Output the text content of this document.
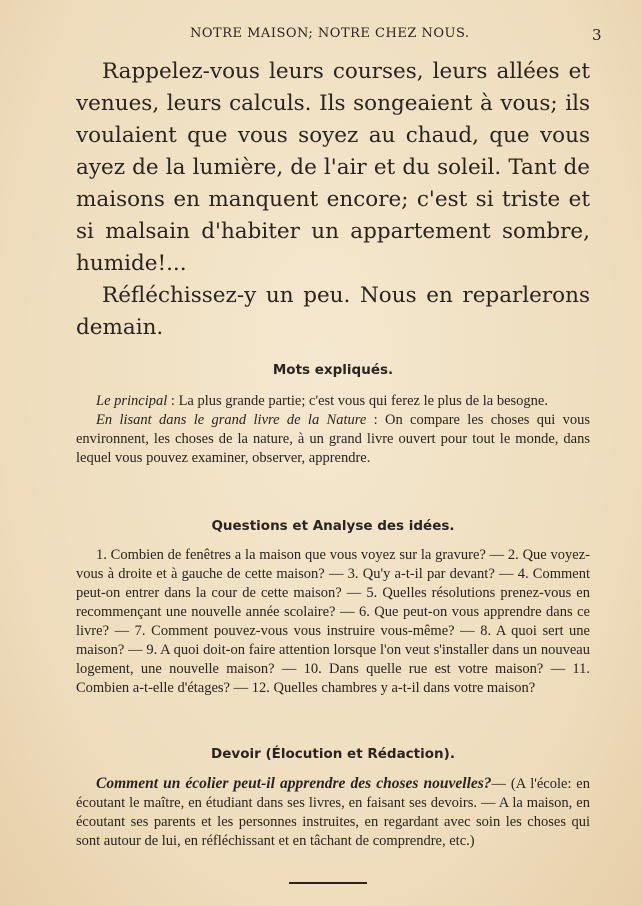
NOTRE MAISON; NOTRE CHEZ NOUS.	3

Rappelez-vous leurs courses, leurs allées et venues, leurs calculs. Ils songeaient à vous; ils voulaient que vous soyez au chaud, que vous ayez de la lumière, de l'air et du soleil. Tant de maisons en manquent encore; c'est si triste et si malsain d'habiter un appartement sombre, humide!...

Réfléchissez-y un peu. Nous en reparlerons demain.

Mots expliqués.

Le principal : La plus grande partie; c'est vous qui ferez le plus de la besogne.

En lisant dans le grand livre de la Nature : On compare les choses qui vous environnent, les choses de la nature, à un grand livre ouvert pour tout le monde, dans lequel vous pouvez examiner, observer, apprendre.

Questions et Analyse des idées.

1. Combien de fenêtres a la maison que vous voyez sur la gravure? — 2. Que voyez-vous à droite et à gauche de cette maison? — 3. Qu'y a-t-il par devant? — 4. Comment peut-on entrer dans la cour de cette maison? — 5. Quelles résolutions prenez-vous en recommençant une nouvelle année scolaire? — 6. Que peut-on vous apprendre dans ce livre? — 7. Comment pouvez-vous vous instruire vous-même? — 8. A quoi sert une maison? — 9. A quoi doit-on faire attention lorsque l'on veut s'installer dans un nouveau logement, une nouvelle maison? — 10. Dans quelle rue est votre maison? — 11. Combien a-t-elle d'étages? — 12. Quelles chambres y a-t-il dans votre maison?

Devoir (Élocution et Rédaction).

Comment un écolier peut-il apprendre des choses nouvelles?— (A l'école: en écoutant le maître, en étudiant dans ses livres, en faisant ses devoirs. — A la maison, en écoutant ses parents et les personnes instruites, en regardant avec soin les choses qui sont autour de lui, en réfléchissant et en tâchant de comprendre, etc.)
